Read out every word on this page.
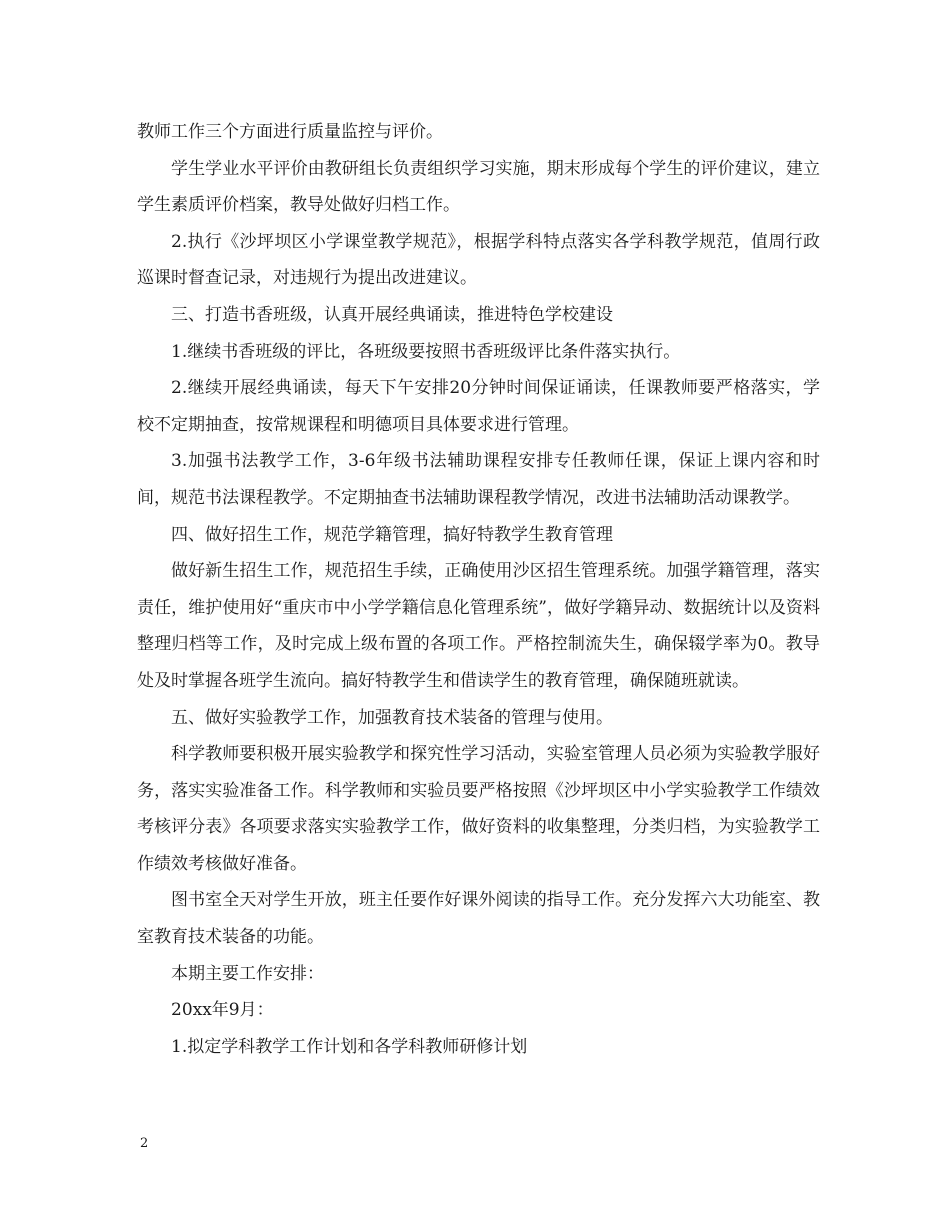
教师工作三个方面进行质量监控与评价。

学生学业水平评价由教研组长负责组织学习实施，期末形成每个学生的评价建议，建立学生素质评价档案，教导处做好归档工作。

2.执行《沙坪坝区小学课堂教学规范》，根据学科特点落实各学科教学规范，值周行政巡课时督查记录，对违规行为提出改进建议。

三、打造书香班级，认真开展经典诵读，推进特色学校建设

1.继续书香班级的评比，各班级要按照书香班级评比条件落实执行。

2.继续开展经典诵读，每天下午安排20分钟时间保证诵读，任课教师要严格落实，学校不定期抽查，按常规课程和明德项目具体要求进行管理。

3.加强书法教学工作，3-6年级书法辅助课程安排专任教师任课，保证上课内容和时间，规范书法课程教学。不定期抽查书法辅助课程教学情况，改进书法辅助活动课教学。

四、做好招生工作，规范学籍管理，搞好特教学生教育管理

做好新生招生工作，规范招生手续，正确使用沙区招生管理系统。加强学籍管理，落实责任，维护使用好“重庆市中小学学籍信息化管理系统”，做好学籍异动、数据统计以及资料整理归档等工作，及时完成上级布置的各项工作。严格控制流失生，确保辍学率为0。教导处及时掌握各班学生流向。搞好特教学生和借读学生的教育管理，确保随班就读。

五、做好实验教学工作，加强教育技术装备的管理与使用。

科学教师要积极开展实验教学和探究性学习活动，实验室管理人员必须为实验教学服好务，落实实验准备工作。科学教师和实验员要严格按照《沙坪坝区中小学实验教学工作绩效考核评分表》各项要求落实实验教学工作，做好资料的收集整理，分类归档，为实验教学工作绩效考核做好准备。

图书室全天对学生开放，班主任要作好课外阅读的指导工作。充分发挥六大功能室、教室教育技术装备的功能。

本期主要工作安排：

20xx年9月：

1.拟定学科教学工作计划和各学科教师研修计划

2
